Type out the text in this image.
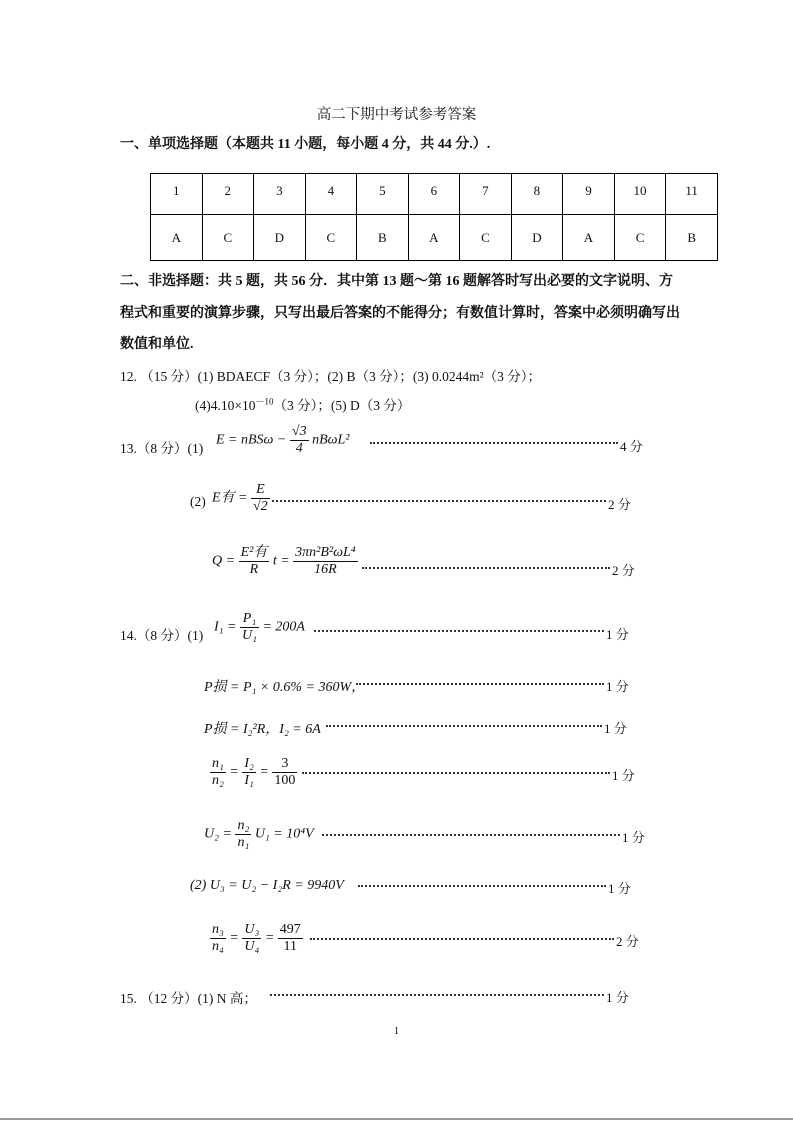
高二下期中考试参考答案
一、单项选择题（本题共 11 小题，每小题 4 分，共 44 分.）.
1	2	3	4	5	6	7	8	9	10	11
A	C	D	C	B	A	C	D	A	C	B
二、非选择题：共 5 题，共 56 分．其中第 13 题～第 16 题解答时写出必要的文字说明、方
程式和重要的演算步骤，只写出最后答案的不能得分；有数值计算时，答案中必须明确写出
数值和单位.
12. （15 分）(1) BDAECF（3 分）；(2) B（3 分）；(3) 0.0244m²（3 分）；
$(4)4.10\times 10^{-10}(3$ 分）；(5) D（3 分）
13.（8 分）(1)
$E = nBS\omega - \frac{√3}{4} nB\omega L^2$	4 分
(2) E有 = $\frac{E}{√2}$	2 分
$Q = \frac{\text{E²有}}{R}$ $t = \frac{\text{3πn²B²ωL⁴}}{16R}$	2 分
14.（8 分）(1)
$I_1 = \frac{\text{P₁}}{\text{U₁}} = 200A$	1 分
P损 = P₁ × 0.6% = 360W，	1 分
P损 = I₂²R，I₂ = 6A	1 分
$\frac{\text{n₁}}{\text{n₂}} = \frac{\text{I₂}}{\text{I₁}} = \frac{3}{100}$	1 分
$U_2 = \frac{\text{n₂}}{\text{n₁}} U_1 = 10^4V$	1 分
(2) U₃ = U₂ − I₂R = 9940V	1 分
$\frac{\text{n₃}}{\text{n₄}} = \frac{\text{U₃}}{\text{U₄}} = \frac{497}{11}$	2 分
15. （12 分）(1) N 高；	1 分
1
